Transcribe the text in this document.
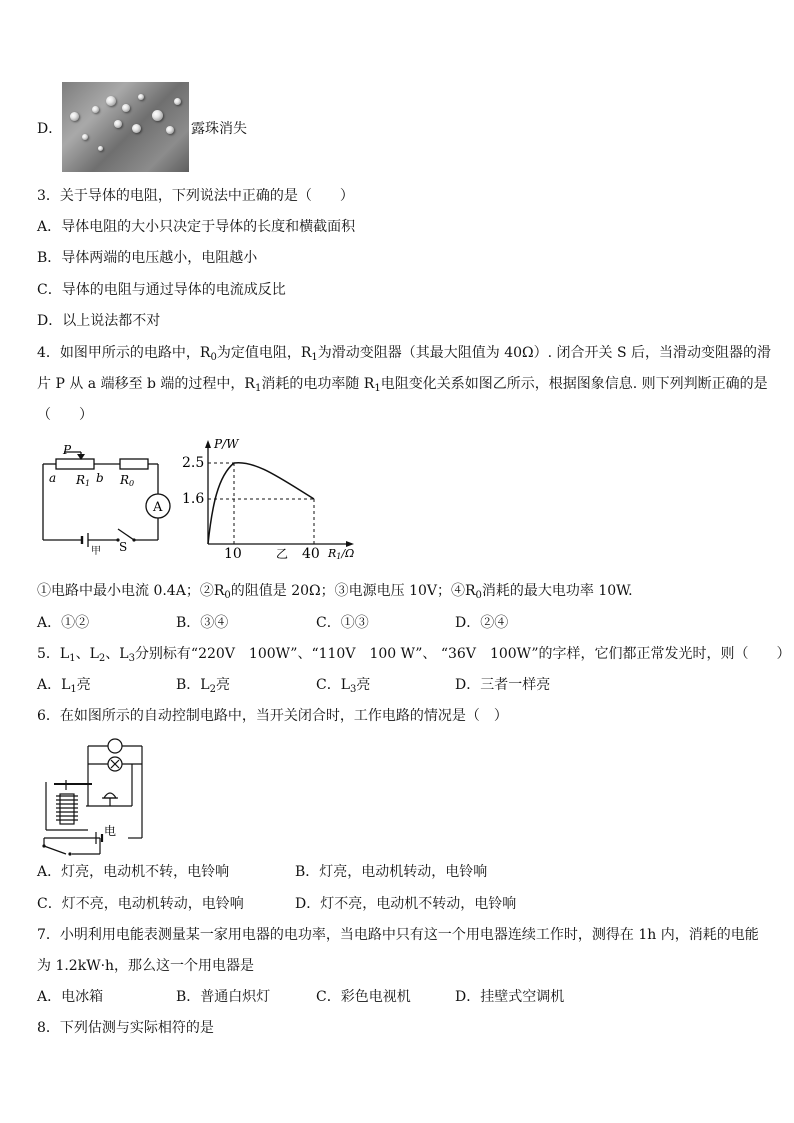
D．	露珠消失
3．关于导体的电阻，下列说法中正确的是（　　）
A．导体电阻的大小只决定于导体的长度和横截面积
B．导体两端的电压越小，电阻越小
C．导体的电阻与通过导体的电流成反比
D．以上说法都不对
4．如图甲所示的电路中，$R_0$为定值电阻，$R_1$为滑动变阻器（其最大阻值为 40Ω）. 闭合开关 S 后，当滑动变阻器的滑
片 P 从 a 端移至 b 端的过程中，$R_1$消耗的电功率随 $R_1$电阻变化关系如图乙所示，根据图象信息. 则下列判断正确的是
（　　）
P
a R1 b R0
A
甲 S
P/W
2.5
1.6
10	乙 40 R1/Ω
①电路中最小电流 0.4A；$②R_0$的阻值是 20Ω；③电源电压 10V；$④R_0$消耗的最大电功率 10W.
A．①②	B．③④	C．①③	D．②④
5．$L_1$、$L_2$、$L_3$分别标有“220V　100W”、“110V　100 W”、 “36V　100W”的字样，它们都正常发光时，则（　　）
A．$L_1$亮	B．$L_2$亮	C．$L_3$亮	D．三者一样亮
6．在如图所示的自动控制电路中，当开关闭合时，工作电路的情况是（　）
电
A．灯亮，电动机不转，电铃响	B．灯亮，电动机转动，电铃响
C．灯不亮，电动机转动，电铃响	D．灯不亮，电动机不转动，电铃响
7．小明利用电能表测量某一家用电器的电功率，当电路中只有这一个用电器连续工作时，测得在 1h 内，消耗的电能
为 1.2kW·h，那么这一个用电器是
A．电冰箱	B．普通白炽灯	C．彩色电视机	D．挂壁式空调机
8．下列估测与实际相符的是
